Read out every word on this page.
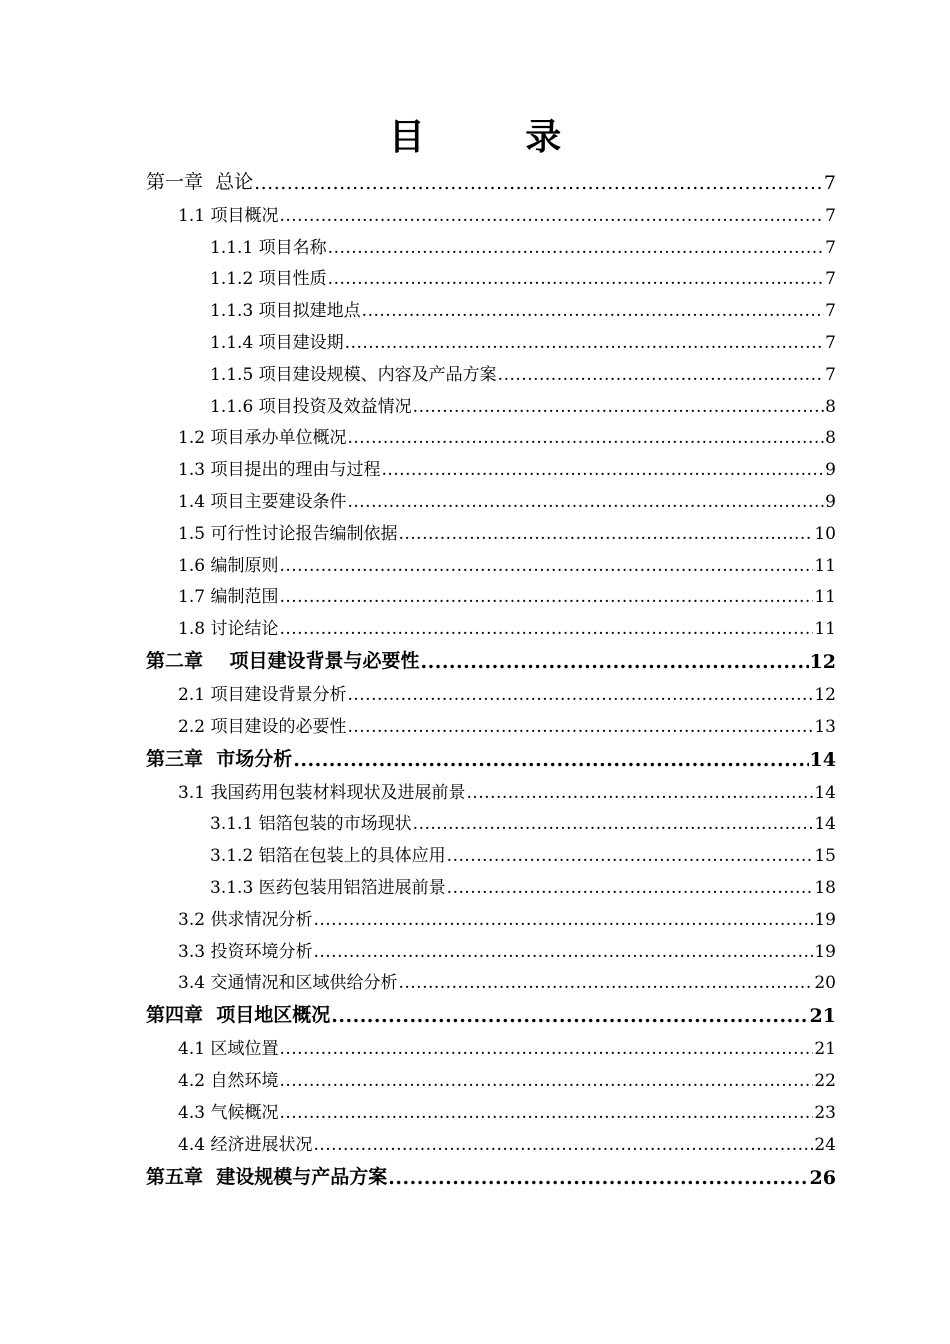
目 录
第一章  总论 .....	7
1.1 项目概况 .....	7
1.1.1 项目名称 .....	7
1.1.2 项目性质 .....	7
1.1.3 项目拟建地点 .....	7
1.1.4 项目建设期 .....	7
1.1.5 项目建设规模、内容及产品方案 .....	7
1.1.6 项目投资及效益情况 .....	8
1.2 项目承办单位概况 .....	8
1.3 项目提出的理由与过程 .....	9
1.4 项目主要建设条件 .....	9
1.5 可行性讨论报告编制依据 .....	10
1.6 编制原则 .....	11
1.7 编制范围 .....	11
1.8 讨论结论 .....	11
第二章    项目建设背景与必要性 .....	12
2.1 项目建设背景分析 .....	12
2.2 项目建设的必要性 .....	13
第三章  市场分析 .....	14
3.1 我国药用包装材料现状及进展前景 .....	14
3.1.1 铝箔包装的市场现状 .....	14
3.1.2 铝箔在包装上的具体应用 .....	15
3.1.3 医药包装用铝箔进展前景 .....	18
3.2 供求情况分析 .....	19
3.3 投资环境分析 .....	19
3.4 交通情况和区域供给分析 .....	20
第四章  项目地区概况 .....	21
4.1 区域位置 .....	21
4.2 自然环境 .....	22
4.3 气候概况 .....	23
4.4 经济进展状况 .....	24
第五章  建设规模与产品方案 .....	26
